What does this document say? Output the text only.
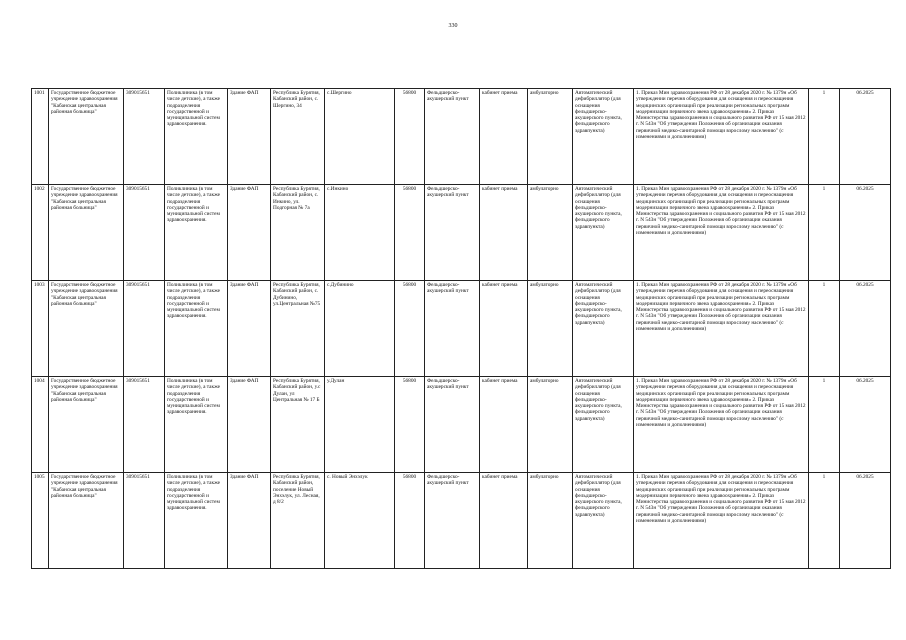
330
1001	Государственное бюджетное учреждение здравоохранения "Кабанская центральная районная больница"	309015651	Поликлиника (в том числе детские), а также подразделения государственной и муниципальной систем здравоохранения.	Здание ФАП	Республика Бурятия, Кабанский район, с. Шергино, 34	с.Шергино	56800	Фельдшерско-акушерский пункт	кабинет приема	амбулаторно	Автоматический дефибриллятор (для оснащения фельдшерско-акушерского пункта, фельдшерского здравпункта)	1. Приказ Мин здравоохранения РФ от 28 декабря 2020 г. № 1379н «Об утверждении перечня оборудования для оснащения и переоснащения медицинских организаций при реализации региональных программ модернизации первичного звена здравоохранения» 2. Приказ Министерства здравоохранения и социального развития РФ от 15 мая 2012 г. N 543н "Об утверждении Положения об организации оказания первичной медико-санитарной помощи взрослому населению" (с изменениями и дополнениями)	1	06.2025
1002	Государственное бюджетное учреждение здравоохранения "Кабанская центральная районная больница"	309015651	Поликлиника (в том числе детские), а также подразделения государственной и муниципальной систем здравоохранения.	Здание ФАП	Республика Бурятия, Кабанский район, с. Инкино, ул. Подгорная № 7а	с.Инкино	56800	Фельдшерско-акушерский пункт	кабинет приема	амбулаторно	Автоматический дефибриллятор (для оснащения фельдшерско-акушерского пункта, фельдшерского здравпункта)	1. Приказ Мин здравоохранения РФ от 28 декабря 2020 г. № 1379н «Об утверждении перечня оборудования для оснащения и переоснащения медицинских организаций при реализации региональных программ модернизации первичного звена здравоохранения» 2. Приказ Министерства здравоохранения и социального развития РФ от 15 мая 2012 г. N 543н "Об утверждении Положения об организации оказания первичной медико-санитарной помощи взрослому населению" (с изменениями и дополнениями)	1	06.2025
1003	Государственное бюджетное учреждение здравоохранения "Кабанская центральная районная больница"	309015651	Поликлиника (в том числе детские), а также подразделения государственной и муниципальной систем здравоохранения.	Здание ФАП	Республика Бурятия, Кабанский район, с. Дубинино, ул.Центральная №75	с.Дубинино	56800	Фельдшерско-акушерский пункт	кабинет приема	амбулаторно	Автоматический дефибриллятор (для оснащения фельдшерско-акушерского пункта, фельдшерского здравпункта)	1. Приказ Мин здравоохранения РФ от 28 декабря 2020 г. № 1379н «Об утверждении перечня оборудования для оснащения и переоснащения медицинских организаций при реализации региональных программ модернизации первичного звена здравоохранения» 2. Приказ Министерства здравоохранения и социального развития РФ от 15 мая 2012 г. N 543н "Об утверждении Положения об организации оказания первичной медико-санитарной помощи взрослому населению" (с изменениями и дополнениями)	1	06.2025
1004	Государственное бюджетное учреждение здравоохранения "Кабанская центральная районная больница"	309015651	Поликлиника (в том числе детские), а также подразделения государственной и муниципальной систем здравоохранения.	Здание ФАП	Республика Бурятия, Кабанский район, у.с Дулан, ул Центральная № 17 Б	у.Дулан	56800	Фельдшерско-акушерский пункт	кабинет приема	амбулаторно	Автоматический дефибриллятор (для оснащения фельдшерско-акушерского пункта, фельдшерского здравпункта)	1. Приказ Мин здравоохранения РФ от 28 декабря 2020 г. № 1379н «Об утверждении перечня оборудования для оснащения и переоснащения медицинских организаций при реализации региональных программ модернизации первичного звена здравоохранения» 2. Приказ Министерства здравоохранения и социального развития РФ от 15 мая 2012 г. N 543н "Об утверждении Положения об организации оказания первичной медико-санитарной помощи взрослому населению" (с изменениями и дополнениями)	1	06.2025
1005	Государственное бюджетное учреждение здравоохранения "Кабанская центральная районная больница"	309015651	Поликлиника (в том числе детские), а также подразделения государственной и муниципальной систем здравоохранения.	Здание ФАП	Республика Бурятия, Кабанский район, поселение Новый Энхэлук, ул. Лесная, д 8/2	с. Новый Энхэлук	56800	Фельдшерско-акушерский пункт	кабинет приема	амбулаторно	Автоматический дефибриллятор (для оснащения фельдшерско-акушерского пункта, фельдшерского здравпункта)	1. Приказ Мин здравоохранения РФ от 28 декабря 2020 г. № 1379н «Об утверждении перечня оборудования для оснащения и переоснащения медицинских организаций при реализации региональных программ модернизации первичного звена здравоохранения» 2. Приказ Министерства здравоохранения и социального развития РФ от 15 мая 2012 г. N 543н "Об утверждении Положения об организации оказания первичной медико-санитарной помощи взрослому населению" (с изменениями и дополнениями)	1	06.2025
